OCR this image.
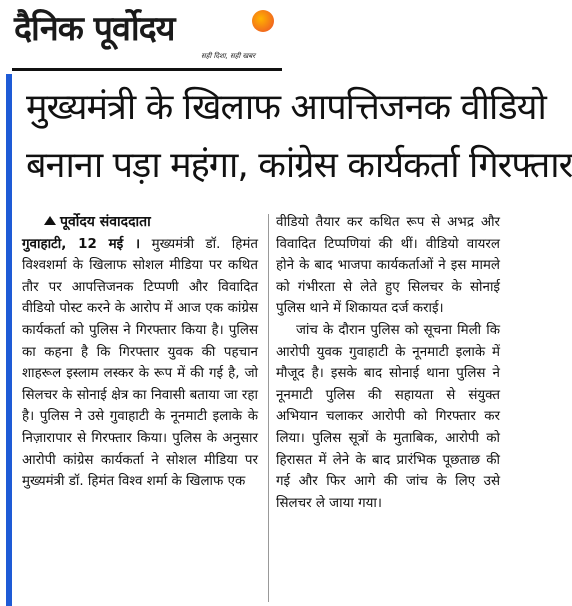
दैनिक पूर्वोदय
सही दिशा, सही खबर
मुख्यमंत्री के खिलाफ आपत्तिजनक वीडियो
बनाना पड़ा महंगा, कांग्रेस कार्यकर्ता गिरफ्तार
पूर्वोदय संवाददाता

गुवाहाटी, 12 मई । मुख्यमंत्री डॉ. हिमंत विश्वशर्मा के खिलाफ सोशल मीडिया पर कथित तौर पर आपत्तिजनक टिप्पणी और विवादित वीडियो पोस्ट करने के आरोप में आज एक कांग्रेस कार्यकर्ता को पुलिस ने गिरफ्तार किया है। पुलिस का कहना है कि गिरफ्तार युवक की पहचान शाहरूल इस्लाम लस्कर के रूप में की गई है, जो सिलचर के सोनाई क्षेत्र का निवासी बताया जा रहा है। पुलिस ने उसे गुवाहाटी के नूनमाटी इलाके के निज़ारापार से गिरफ्तार किया। पुलिस के अनुसार आरोपी कांग्रेस कार्यकर्ता ने सोशल मीडिया पर मुख्यमंत्री डॉ. हिमंत विश्व शर्मा के खिलाफ एक

वीडियो तैयार कर कथित रूप से अभद्र और विवादित टिप्पणियां की थीं। वीडियो वायरल होने के बाद भाजपा कार्यकर्ताओं ने इस मामले को गंभीरता से लेते हुए सिलचर के सोनाई पुलिस थाने में शिकायत दर्ज कराई।

जांच के दौरान पुलिस को सूचना मिली कि आरोपी युवक गुवाहाटी के नूनमाटी इलाके में मौजूद है। इसके बाद सोनाई थाना पुलिस ने नूनमाटी पुलिस की सहायता से संयुक्त अभियान चलाकर आरोपी को गिरफ्तार कर लिया। पुलिस सूत्रों के मुताबिक, आरोपी को हिरासत में लेने के बाद प्रारंभिक पूछताछ की गई और फिर आगे की जांच के लिए उसे सिलचर ले जाया गया।
